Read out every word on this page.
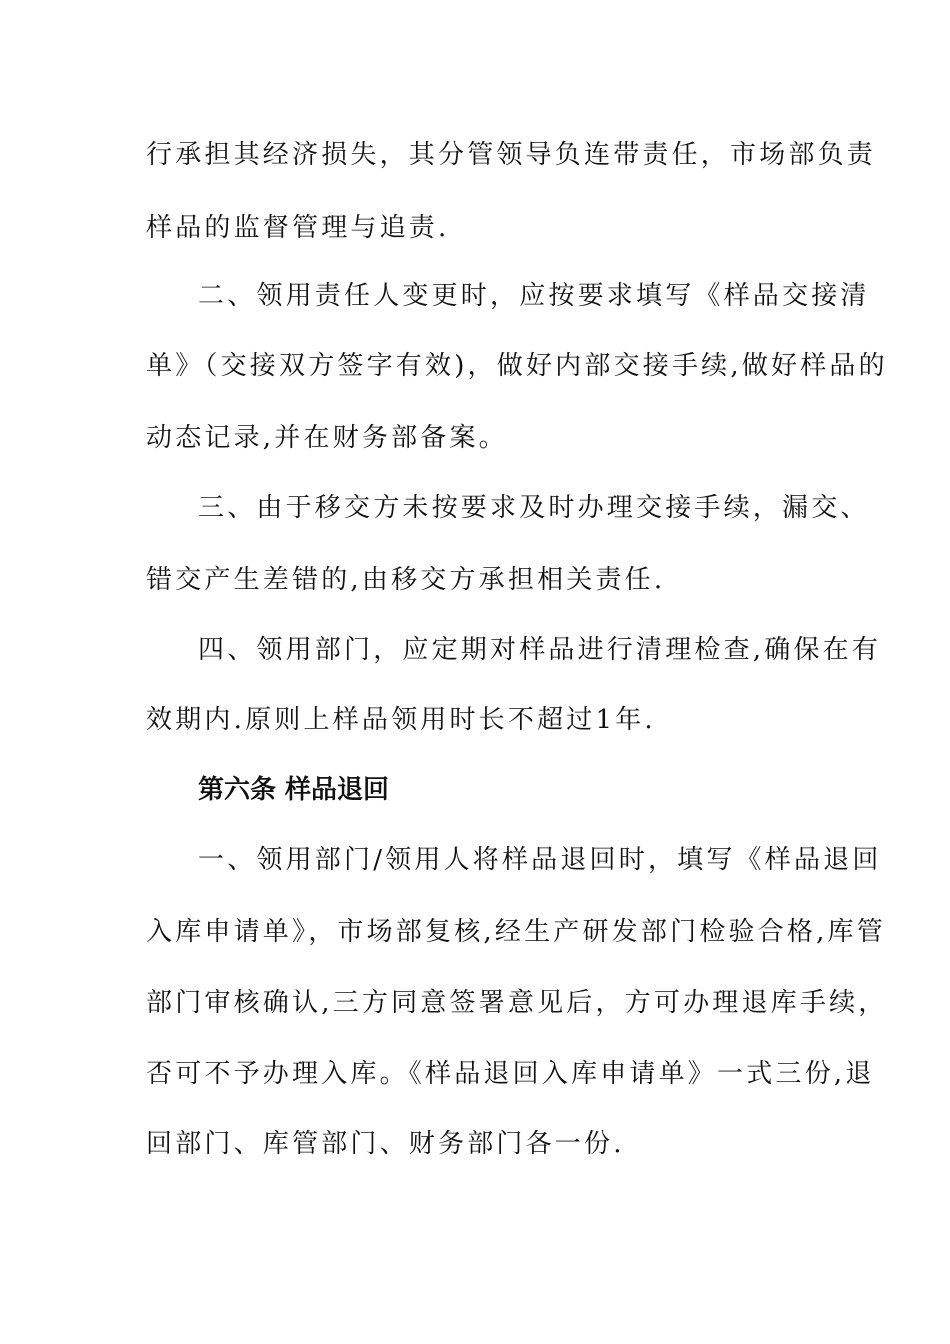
行承担其经济损失，其分管领导负连带责任，市场部负责
样品的监督管理与追责.
二、领用责任人变更时，应按要求填写《样品交接清
单》（交接双方签字有效)，做好内部交接手续,做好样品的
动态记录,并在财务部备案。
三、由于移交方未按要求及时办理交接手续，漏交、
错交产生差错的,由移交方承担相关责任.
四、领用部门，应定期对样品进行清理检查,确保在有
效期内.原则上样品领用时长不超过1年.
第六条 样品退回
一、领用部门/领用人将样品退回时，填写《样品退回
入库申请单》，市场部复核,经生产研发部门检验合格,库管
部门审核确认,三方同意签署意见后，方可办理退库手续，
否可不予办理入库。《样品退回入库申请单》一式三份,退
回部门、库管部门、财务部门各一份.
